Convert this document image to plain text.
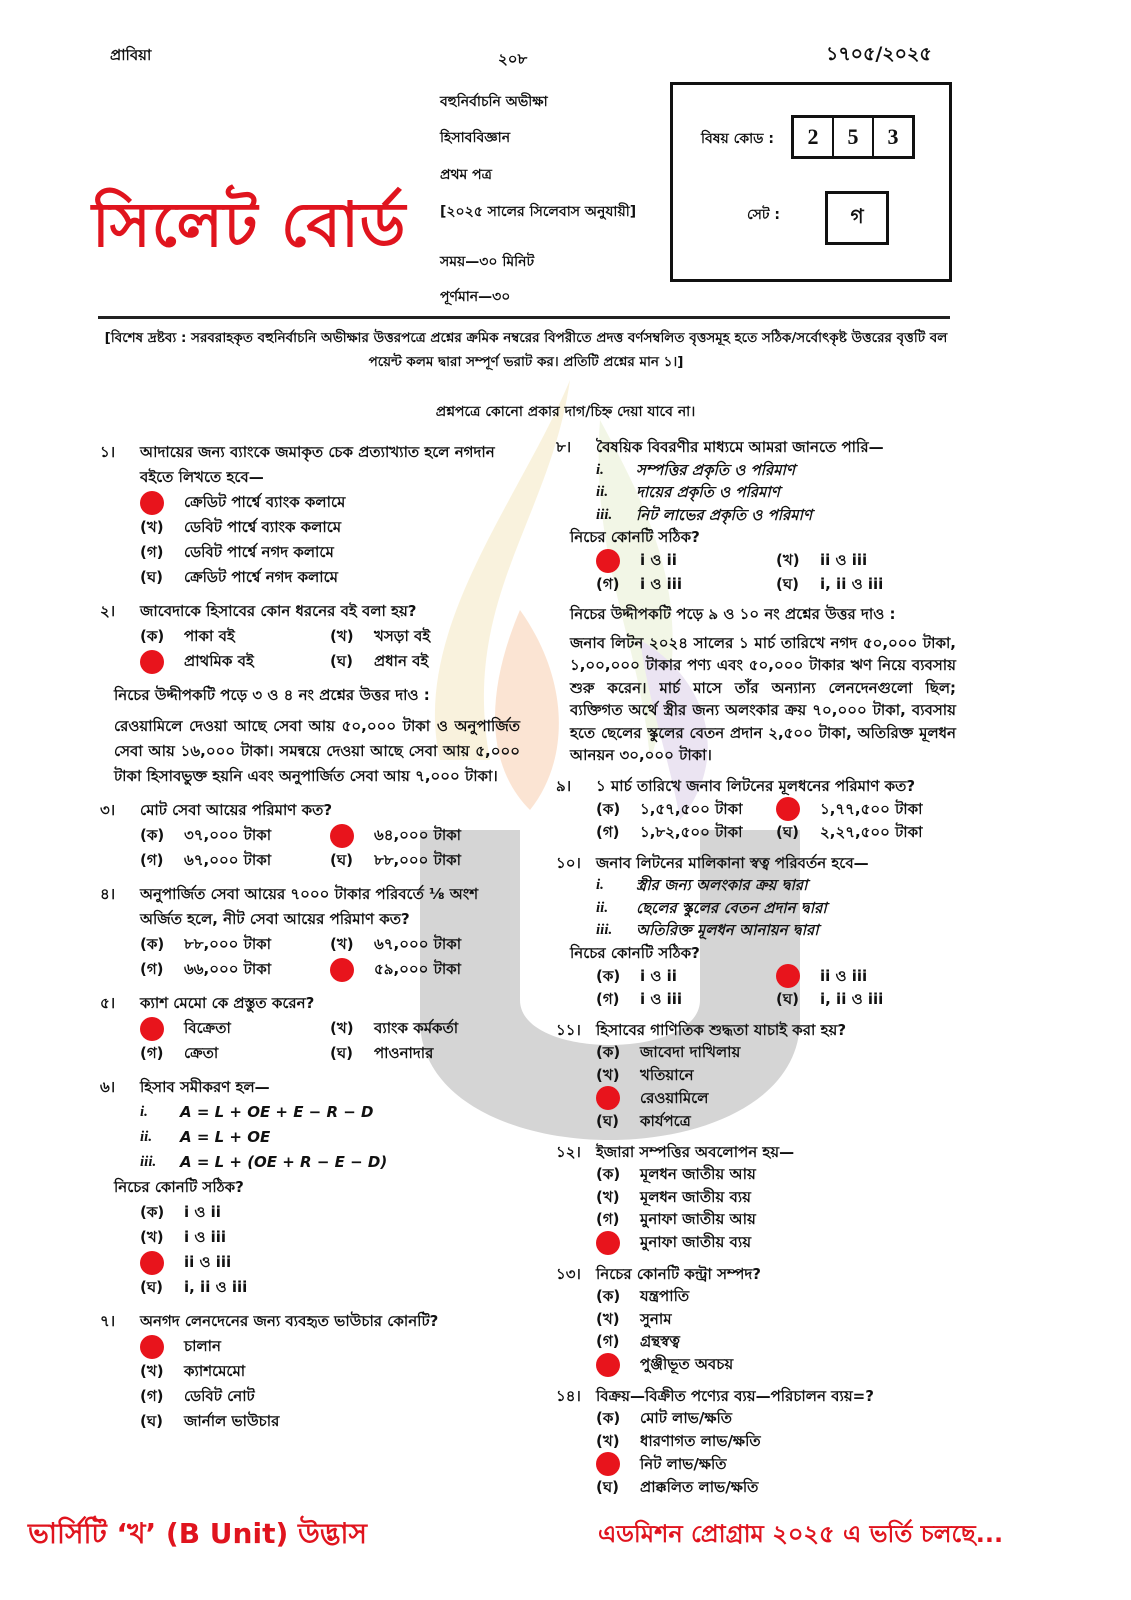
প্রাবিয়া	২০৮	১৭০৫/২০২৫
সিলেট বোর্ড
বহুনির্বাচনি অভীক্ষা
হিসাববিজ্ঞান
প্রথম পত্র
[২০২৫ সালের সিলেবাস অনুযায়ী]
সময়—৩০ মিনিট
পূর্ণমান—৩০
বিষয় কোড :	2	5	3
সেট :	গ
[বিশেষ দ্রষ্টব্য : সরবরাহকৃত বহুনির্বাচনি অভীক্ষার উত্তরপত্রে প্রশ্নের ক্রমিক নম্বরের বিপরীতে প্রদত্ত বর্ণসম্বলিত বৃত্তসমূহ হতে সঠিক/সর্বোৎকৃষ্ট উত্তরের বৃত্তটি বল পয়েন্ট কলম দ্বারা সম্পূর্ণ ভরাট কর। প্রতিটি প্রশ্নের মান ১।]
প্রশ্নপত্রে কোনো প্রকার দাগ/চিহ্ন দেয়া যাবে না।
১।	আদায়ের জন্য ব্যাংকে জমাকৃত চেক প্রত্যাখ্যাত হলে নগদান বইতে লিখতে হবে—
ক্রেডিট পার্শ্বে ব্যাংক কলামে
(খ)	ডেবিট পার্শ্বে ব্যাংক কলামে
(গ)	ডেবিট পার্শ্বে নগদ কলামে
(ঘ)	ক্রেডিট পার্শ্বে নগদ কলামে
২।	জাবেদাকে হিসাবের কোন ধরনের বই বলা হয়?
(ক)	পাকা বই	(খ)	খসড়া বই
প্রাথমিক বই	(ঘ)	প্রধান বই
নিচের উদ্দীপকটি পড়ে ৩ ও ৪ নং প্রশ্নের উত্তর দাও :
রেওয়ামিলে দেওয়া আছে সেবা আয় ৫০,০০০ টাকা ও অনুপার্জিত সেবা আয় ১৬,০০০ টাকা। সমন্বয়ে দেওয়া আছে সেবা আয় ৫,০০০ টাকা হিসাবভুক্ত হয়নি এবং অনুপার্জিত সেবা আয় ৭,০০০ টাকা।
৩।	মোট সেবা আয়ের পরিমাণ কত?
(ক)	৩৭,০০০ টাকা	৬৪,০০০ টাকা
(গ)	৬৭,০০০ টাকা	(ঘ)	৮৮,০০০ টাকা
৪।	অনুপার্জিত সেবা আয়ের ৭০০০ টাকার পরিবর্তে ⅛ অংশ অর্জিত হলে, নীট সেবা আয়ের পরিমাণ কত?
(ক)	৮৮,০০০ টাকা	(খ)	৬৭,০০০ টাকা
(গ)	৬৬,০০০ টাকা	৫৯,০০০ টাকা
৫।	ক্যাশ মেমো কে প্রস্তুত করেন?
বিক্রেতা	(খ)	ব্যাংক কর্মকর্তা
(গ)	ক্রেতা	(ঘ)	পাওনাদার
৬।	হিসাব সমীকরণ হল—
i.	A = L + OE + E − R − D
ii.	A = L + OE
iii.	A = L + (OE + R − E − D)
নিচের কোনটি সঠিক?
(ক)	i ও ii
(খ)	i ও iii
ii ও iii
(ঘ)	i, ii ও iii
৭।	অনগদ লেনদেনের জন্য ব্যবহৃত ভাউচার কোনটি?
চালান
(খ)	ক্যাশমেমো
(গ)	ডেবিট নোট
(ঘ)	জার্নাল ভাউচার
৮।	বৈষয়িক বিবরণীর মাধ্যমে আমরা জানতে পারি—
i.	সম্পত্তির প্রকৃতি ও পরিমাণ
ii.	দায়ের প্রকৃতি ও পরিমাণ
iii.	নিট লাভের প্রকৃতি ও পরিমাণ
নিচের কোনটি সঠিক?
i ও ii	(খ)	ii ও iii
(গ)	i ও iii	(ঘ)	i, ii ও iii
নিচের উদ্দীপকটি পড়ে ৯ ও ১০ নং প্রশ্নের উত্তর দাও :
জনাব লিটন ২০২৪ সালের ১ মার্চ তারিখে নগদ ৫০,০০০ টাকা, ১,০০,০০০ টাকার পণ্য এবং ৫০,০০০ টাকার ঋণ নিয়ে ব্যবসায় শুরু করেন। মার্চ মাসে তাঁর অন্যান্য লেনদেনগুলো ছিল; ব্যক্তিগত অর্থে স্ত্রীর জন্য অলংকার ক্রয় ৭০,০০০ টাকা, ব্যবসায় হতে ছেলের স্কুলের বেতন প্রদান ২,৫০০ টাকা, অতিরিক্ত মূলধন আনয়ন ৩০,০০০ টাকা।
৯।	১ মার্চ তারিখে জনাব লিটনের মূলধনের পরিমাণ কত?
(ক)	১,৫৭,৫০০ টাকা	১,৭৭,৫০০ টাকা
(গ)	১,৮২,৫০০ টাকা (ঘ)	২,২৭,৫০০ টাকা
১০।	জনাব লিটনের মালিকানা স্বত্ব পরিবর্তন হবে—
i.	স্ত্রীর জন্য অলংকার ক্রয় দ্বারা
ii.	ছেলের স্কুলের বেতন প্রদান দ্বারা
iii.	অতিরিক্ত মূলধন আনায়ন দ্বারা
নিচের কোনটি সঠিক?
(ক)	i ও ii	ii ও iii
(গ)	i ও iii	(ঘ)	i, ii ও iii
১১।	হিসাবের গাণিতিক শুদ্ধতা যাচাই করা হয়?
(ক)	জাবেদা দাখিলায়
(খ)	খতিয়ানে
রেওয়ামিলে
(ঘ)	কার্যপত্রে
১২।	ইজারা সম্পত্তির অবলোপন হয়—
(ক)	মূলধন জাতীয় আয়
(খ)	মূলধন জাতীয় ব্যয়
(গ)	মুনাফা জাতীয় আয়
মুনাফা জাতীয় ব্যয়
১৩।	নিচের কোনটি কন্ট্রা সম্পদ?
(ক)	যন্ত্রপাতি
(খ)	সুনাম
(গ)	গ্রন্থস্বত্ব
পুঞ্জীভূত অবচয়
১৪।	বিক্রয়—বিক্রীত পণ্যের ব্যয়—পরিচালন ব্যয়=?
(ক)	মোট লাভ/ক্ষতি
(খ)	ধারণাগত লাভ/ক্ষতি
নিট লাভ/ক্ষতি
(ঘ)	প্রাক্কলিত লাভ/ক্ষতি
ভার্সিটি ‘খ’ (B Unit) উদ্ভাস	এডমিশন প্রোগ্রাম ২০২৫ এ ভর্তি চলছে...
